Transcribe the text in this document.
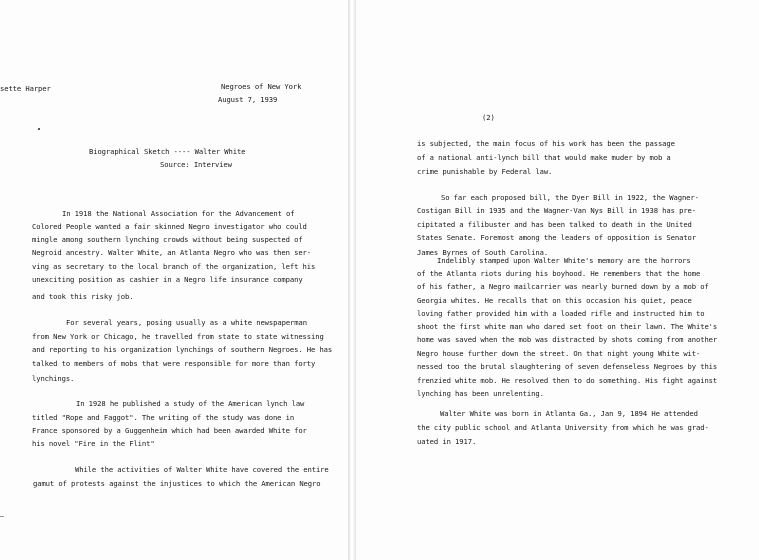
sette Harper	Negroes of New York
August 7, 1939
Biographical Sketch ---- Walter White
Source: Interview
In 1918 the National Association for the Advancement of
Colored People wanted a fair skinned Negro investigator who could
mingle among southern lynching crowds without being suspected of
Negroid ancestry. Walter White, an Atlanta Negro who was then ser-
ving as secretary to the local branch of the organization, left his
unexciting position as cashier in a Negro life insurance company
and took this risky job.
For several years, posing usually as a white newspaperman
from New York or Chicago, he travelled from state to state witnessing
and reporting to his organization lynchings of southern Negroes. He has
talked to members of mobs that were responsible for more than forty
lynchings.
In 1928 he published a study of the American lynch law
titled "Rope and Faggot". The writing of the study was done in
France sponsored by a Guggenheim which had been awarded White for
his novel "Fire in the Flint"
While the activities of Walter White have covered the entire
gamut of protests against the injustices to which the American Negro
(2)
is subjected, the main focus of his work has been the passage
of a national anti-lynch bill that would make muder by mob a
crime punishable by Federal law.
So far each proposed bill, the Dyer Bill in 1922, the Wagner-
Costigan Bill in 1935 and the Wagner-Van Nys Bill in 1938 has pre-
cipitated a filibuster and has been talked to death in the United
States Senate. Foremost among the leaders of opposition is Senator
James Byrnes of South Carolina.
Indelibly stamped upon Walter White's memory are the horrors
of the Atlanta riots during his boyhood. He remembers that the home
of his father, a Negro mailcarrier was nearly burned down by a mob of
Georgia whites. He recalls that on this occasion his quiet, peace
loving father provided him with a loaded rifle and instructed him to
shoot the first white man who dared set foot on their lawn. The White's
home was saved when the mob was distracted by shots coming from another
Negro house further down the street. On that night young White wit-
nessed too the brutal slaughtering of seven defenseless Negroes by this
frenzied white mob. He resolved then to do something. His fight against
lynching has been unrelenting.
Walter White was born in Atlanta Ga., Jan 9, 1894 He attended
the city public school and Atlanta University from which he was grad-
uated in 1917.
